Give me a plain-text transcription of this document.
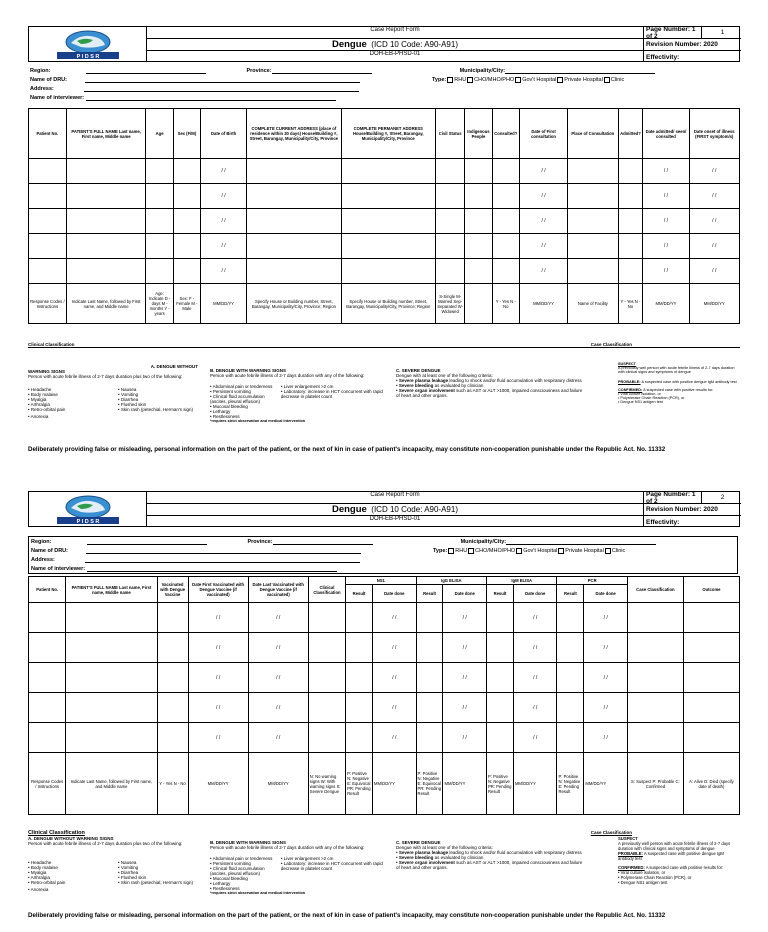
P I D S R
Case Report Form
Dengue
(ICD 10 Code: A90-A91)
DOH-EB-PHSD-01
Page Number: 1 of 2	1
Revision Number: 2020
Effectivity:
Region:	Province:	Municipality/City:
Name of DRU:	Type: RHU CHO/MHO/PHO Gov't Hospital Private Hospital Clinic
Address:
Name of interviewer:
Patient No.	PATIENT'S FULL NAME Last name, First name, Middle name	Age	Sex (F/M)	Date of Birth	COMPLETE CURRENT ADDRESS (place of residence within 30 days) House/Building #, Street, Barangay, Municipality/City, Province	COMPLETE PERMANET ADDRESS House/Building #, Street, Barangay, Municipality/City, Province	Civil Status	Indigenous People	Consulted?	Date of First consultation	Place of Consultation	Admitted?	Date admitted/ seen/ consulted	Date onset of illness (FIRST symptom/s)
				/ /						/ /			/ /	/ /
				/ /						/ /			/ /	/ /
				/ /						/ /			/ /	/ /
				/ /						/ /			/ /	/ /
				/ /						/ /			/ /	/ /
Response Codes / Instructions	Indicate Last Name, followed by First name, and Middle name	Age: Indicate D - days M - months Y - years	Sex: F - Female M - Male	MM/DD/YY	Specify House or Building number, Street, Barangay, Municipality/City, Province; Region	Specify House or Building number, Street, Barangay, Municipality/City, Province; Region	S-Single M-Married Sep-Separated W-Widowed		Y - Yes N - No	MM/DD/YY	Name of Facility	Y - Yes N - No	MM/DD/YY	MM/DD/YY
Clinical Classification	Case Classification
A. DENGUE WITHOUT
WARNING SIGNS
Person with acute febrile illness of 2-7 days duration plus two of the following:
• Headache
• Body malaise
• Myalgia
• Arthralgia
• Retro-orbital pain
• Nausea
• Vomiting
• Diarrhea
• Flushed skin
• Skin rash (petechial, Herman's sign)
• Anorexia
B. DENGUE WITH WARNING SIGNS
Person with acute febrile illness of 2-7 days duration with any of the following:
• Abdominal pain or tenderness
• Persistent vomiting
• Clinical fluid accumulation (ascites, pleural effusion)
• Mucosal bleeding
• Lethargy
• Restlessness
• Liver enlargement >2 cm
• Laboratory: increase in HCT concurrent with rapid decrease in platelet count
*requires strict observation and medical intervention
C. SEVERE DENGUE
Dengue with at least one of the following criteria:
• Severe plasma leakage leading to shock and/or fluid accumulation with respiratory distress
• Severe bleeding as evaluated by clinician
• Severe organ involvement such as AST or ALT >1000, impaired consciousness and failure of heart and other organs.
SUSPECT
A previously well person with acute febrile illness of 2-7 days duration with clinical signs and symptoms of dengue
PROBABLE: A suspected case with positive dengue IgM antibody test
CONFIRMED: A suspected case with positive results for:
• Viral culture isolation, or
• Polymerase Chain Reaction (PCR), or
• Dengue NS1 antigen test
Deliberately providing false or misleading, personal information on the part of the patient, or the next of kin in case of patient's incapacity, may constitute non-cooperation punishable under the Republic Act. No. 11332
P I D S R
Case Report Form
Dengue
(ICD 10 Code: A90-A91)
DOH-EB-PHSD-01
Page Number: 1 of 2	2
Revision Number: 2020
Effectivity:
Region:	Province:	Municipality/City:
Name of DRU:	Type: RHU CHO/MHO/PHO Gov't Hospital Private Hospital Clinic
Address:
Name of interviewer:
Patient No.	PATIENT'S FULL NAME Last name, First name, Middle name	Vaccinated with Dengue Vaccine	Date First Vaccinated with Dengue Vaccine (if vaccinated)	Date Last Vaccinated with Dengue Vaccine (if vaccinated)	Clinical Classification	NS1		IgG ELISA		IgM ELISA		PCR		Case Classification	Outcome
						Result	Date done	Result	Date done	Result	Date done	Result	Date done		
			/ /	/ /			/ /		/ /		/ /		/ /		
			/ /	/ /			/ /		/ /		/ /		/ /		
			/ /	/ /			/ /		/ /		/ /		/ /		
			/ /	/ /			/ /		/ /		/ /		/ /		
			/ /	/ /			/ /		/ /		/ /		/ /		
Response Codes / Instructions	Indicate Last Name, followed by First name, and Middle name	Y - Yes N - No	MM/DD/YY	MM/DD/YY	N: No warning signs W: With warning signs S: Severe Dengue	P: Positive N: Negative E: Equivocal PR: Pending Result	MM/DD/YY	P: Positive N: Negative E: Equivocal PR: Pending Result	MM/DD/YY	P: Positive N: Negative PR: Pending Result	MM/DD/YY	P: Positive N: Negative E: Pending Result	MM/DD/YY	S: Suspect P: Probable C: Confirmed	A: Alive D: Died (specify date of death)
Clinical Classification	Case Classification
A. DENGUE WITHOUT WARNING SIGNS
Person with acute febrile illness of 2-7 days duration plus two of the following:
• Headache
• Body malaise
• Myalgia
• Arthralgia
• Retro-orbital pain
• Nausea
• Vomiting
• Diarrhea
• Flushed skin
• Skin rash (petechial, Herman's sign)
• Anorexia
B. DENGUE WITH WARNING SIGNS
Person with acute febrile illness of 2-7 days duration with any of the following:
• Abdominal pain or tenderness
• Persistent vomiting
• Clinical fluid accumulation (ascites, pleural effusion)
• Mucosal bleeding
• Lethargy
• Restlessness
• Liver enlargement >2 cm
• Laboratory: increase in HCT concurrent with rapid decrease in platelet count
*requires strict observation and medical intervention
C. SEVERE DENGUE
Dengue with at least one of the following criteria:
• Severe plasma leakage leading to shock and/or fluid accumulation with respiratory distress
• Severe bleeding as evaluated by clinician
• Severe organ involvement such as AST or ALT >1000, impaired consciousness and failure of heart and other organs.
SUSPECT
A previously well person with acute febrile illness of 2-7 days duration with clinical signs and symptoms of dengue
PROBABLE: A suspected case with positive dengue IgM antibody test
CONFIRMED: A suspected case with positive results for:
• Viral culture isolation, or
• Polymerase Chain Reaction (PCR), or
• Dengue NS1 antigen test
Deliberately providing false or misleading, personal information on the part of the patient, or the next of kin in case of patient's incapacity, may constitute non-cooperation punishable under the Republic Act. No. 11332
